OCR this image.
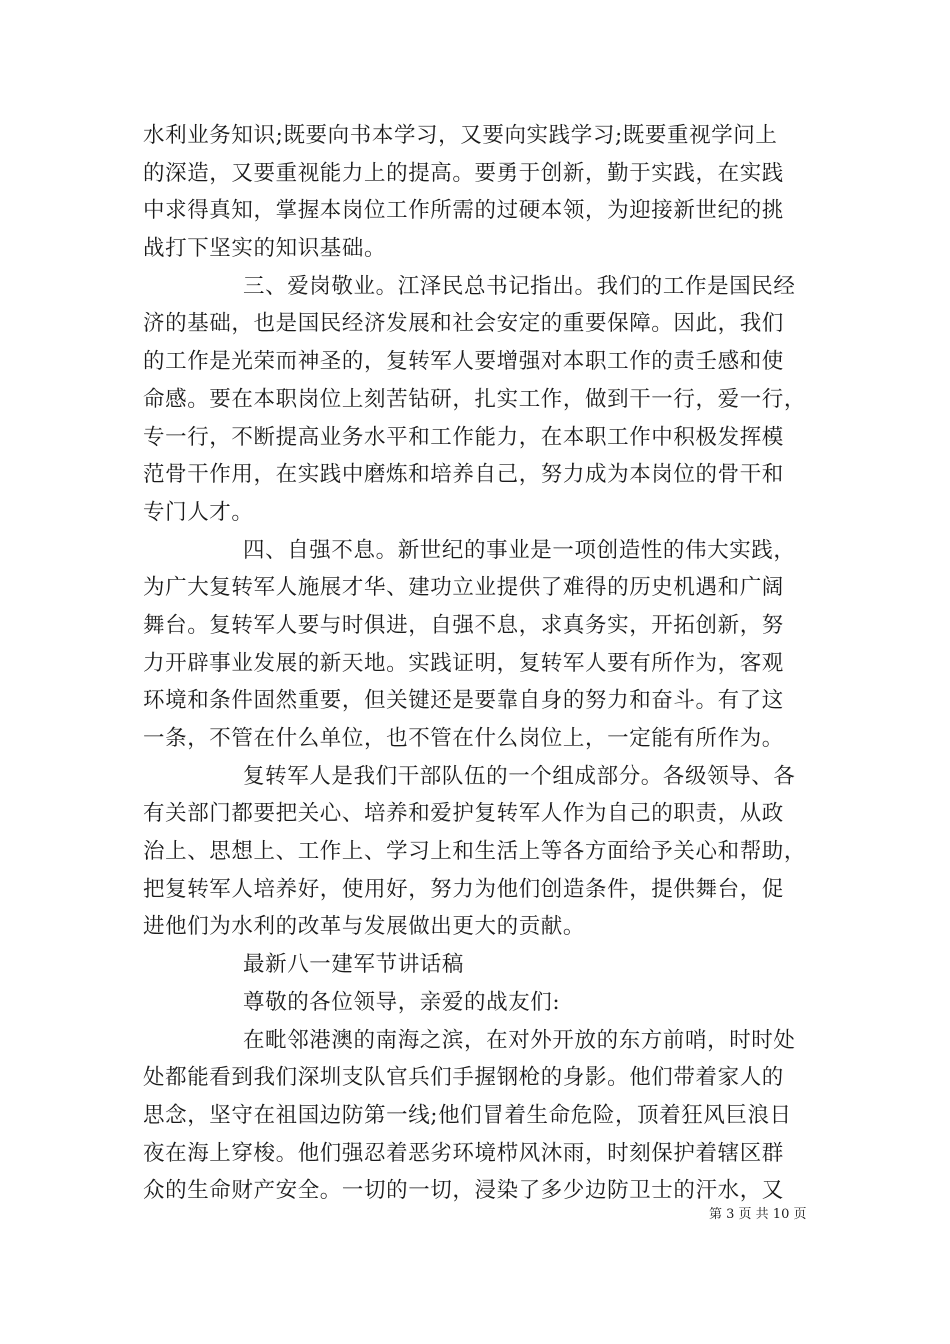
水利业务知识;既要向书本学习，又要向实践学习;既要重视学问上
的深造，又要重视能力上的提高。要勇于创新，勤于实践，在实践
中求得真知，掌握本岗位工作所需的过硬本领，为迎接新世纪的挑
战打下坚实的知识基础。
三、爱岗敬业。江泽民总书记指出。我们的工作是国民经
济的基础，也是国民经济发展和社会安定的重要保障。因此，我们
的工作是光荣而神圣的，复转军人要增强对本职工作的责壬感和使
命感。要在本职岗位上刻苦钻研，扎实工作，做到干一行，爱一行，
专一行，不断提高业务水平和工作能力，在本职工作中积极发挥模
范骨干作用，在实践中磨炼和培养自己，努力成为本岗位的骨干和
专门人才。
四、自强不息。新世纪的事业是一项创造性的伟大实践，
为广大复转军人施展才华、建功立业提供了难得的历史机遇和广阔
舞台。复转军人要与时俱进，自强不息，求真务实，开拓创新，努
力开辟事业发展的新天地。实践证明，复转军人要有所作为，客观
环境和条件固然重要，但关键还是要靠自身的努力和奋斗。有了这
一条，不管在什么单位，也不管在什么岗位上，一定能有所作为。
复转军人是我们干部队伍的一个组成部分。各级领导、各
有关部门都要把关心、培养和爱护复转军人作为自己的职责，从政
治上、思想上、工作上、学习上和生活上等各方面给予关心和帮助，
把复转军人培养好，使用好，努力为他们创造条件，提供舞台，促
进他们为水利的改革与发展做出更大的贡献。
最新八一建军节讲话稿
尊敬的各位领导，亲爱的战友们:
在毗邻港澳的南海之滨，在对外开放的东方前哨，时时处
处都能看到我们深圳支队官兵们手握钢枪的身影。他们带着家人的
思念，坚守在祖国边防第一线;他们冒着生命危险，顶着狂风巨浪日
夜在海上穿梭。他们强忍着恶劣环境栉风沐雨，时刻保护着辖区群
众的生命财产安全。一切的一切，浸染了多少边防卫士的汗水，又
第 3 页 共 10 页
